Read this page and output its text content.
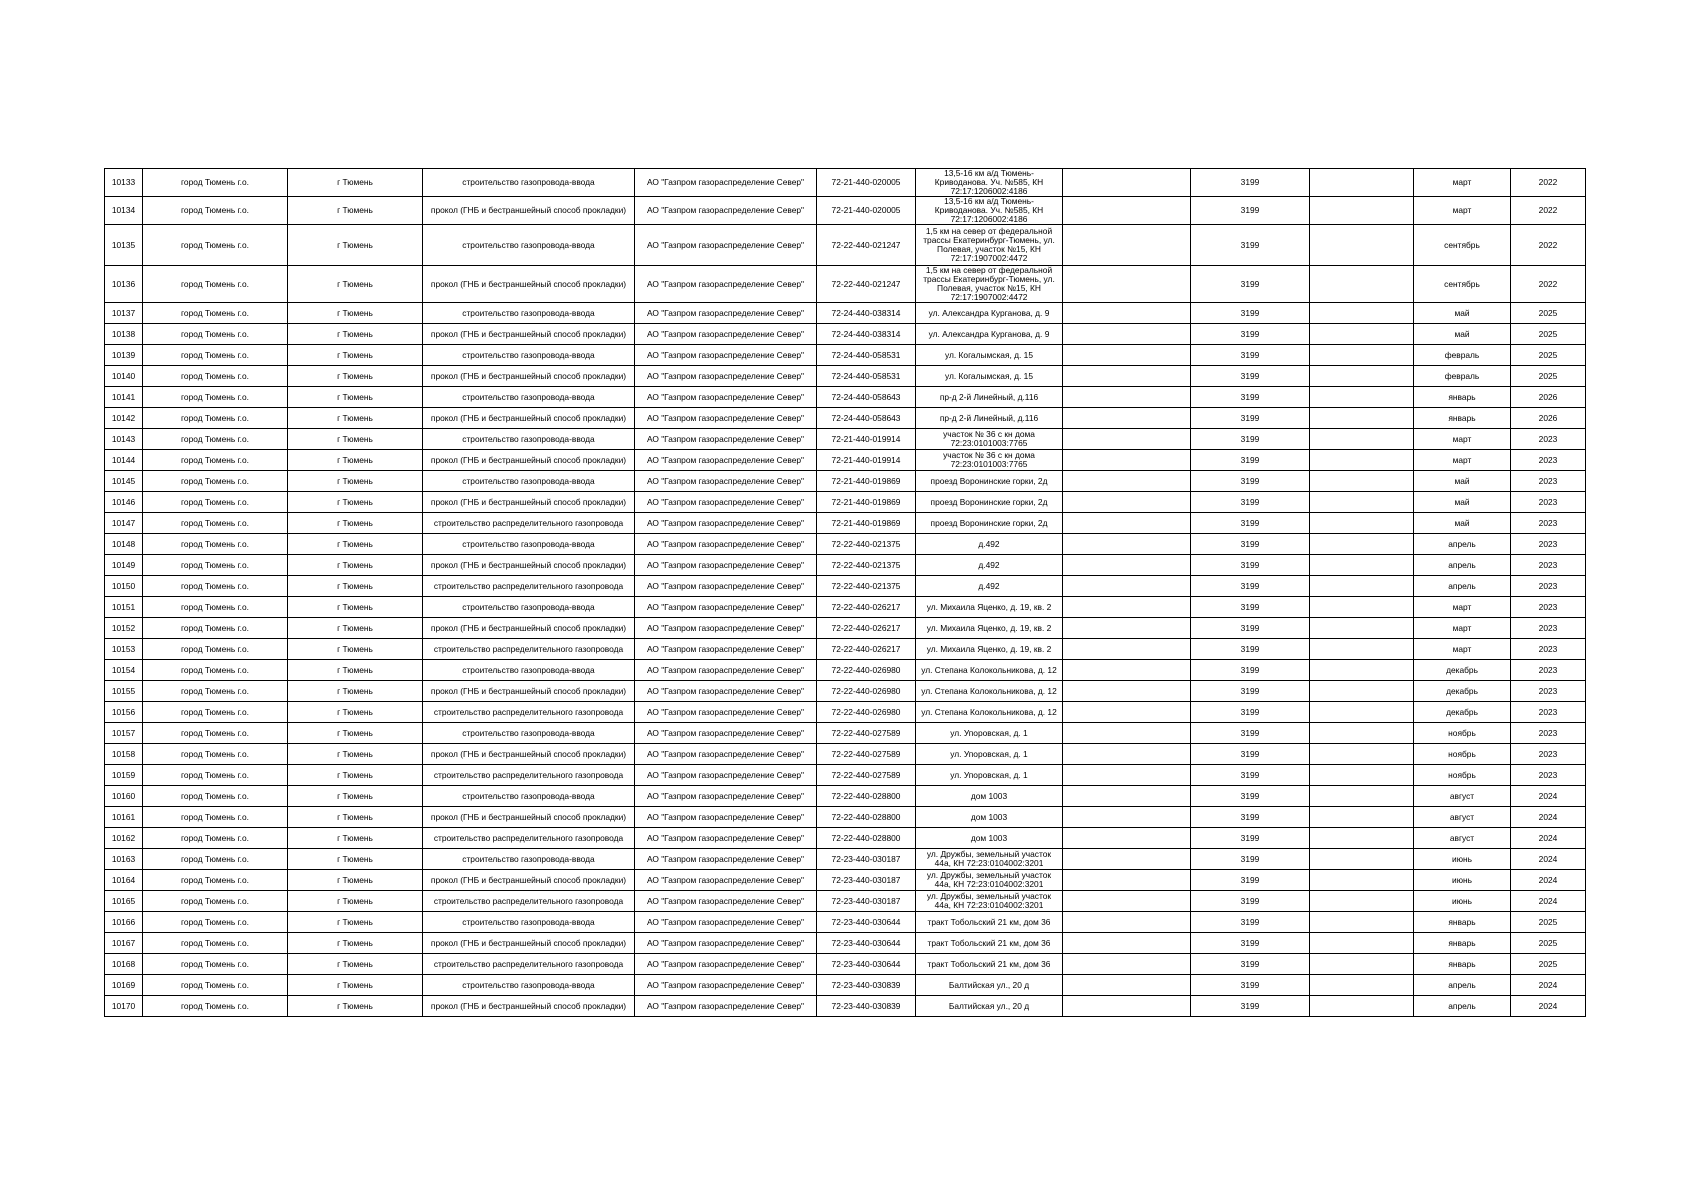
10133	город Тюмень г.о.	г Тюмень	строительство газопровода-ввода	АО "Газпром газораспределение Север"	72-21-440-020005	13,5-16 км а/д Тюмень-Криводанова. Уч. №585, КН 72:17:1206002:4186		3199		март	2022
10134	город Тюмень г.о.	г Тюмень	прокол (ГНБ и бестраншейный способ прокладки)	АО "Газпром газораспределение Север"	72-21-440-020005	13,5-16 км а/д Тюмень-Криводанова. Уч. №585, КН 72:17:1206002:4186		3199		март	2022
10135	город Тюмень г.о.	г Тюмень	строительство газопровода-ввода	АО "Газпром газораспределение Север"	72-22-440-021247	1,5 км на север от федеральной трассы Екатеринбург-Тюмень, ул. Полевая, участок №15, КН 72:17:1907002:4472		3199		сентябрь	2022
10136	город Тюмень г.о.	г Тюмень	прокол (ГНБ и бестраншейный способ прокладки)	АО "Газпром газораспределение Север"	72-22-440-021247	1,5 км на север от федеральной трассы Екатеринбург-Тюмень, ул. Полевая, участок №15, КН 72:17:1907002:4472		3199		сентябрь	2022
10137	город Тюмень г.о.	г Тюмень	строительство газопровода-ввода	АО "Газпром газораспределение Север"	72-24-440-038314	ул. Александра Курганова, д. 9		3199		май	2025
10138	город Тюмень г.о.	г Тюмень	прокол (ГНБ и бестраншейный способ прокладки)	АО "Газпром газораспределение Север"	72-24-440-038314	ул. Александра Курганова, д. 9		3199		май	2025
10139	город Тюмень г.о.	г Тюмень	строительство газопровода-ввода	АО "Газпром газораспределение Север"	72-24-440-058531	ул. Когалымская, д. 15		3199		февраль	2025
10140	город Тюмень г.о.	г Тюмень	прокол (ГНБ и бестраншейный способ прокладки)	АО "Газпром газораспределение Север"	72-24-440-058531	ул. Когалымская, д. 15		3199		февраль	2025
10141	город Тюмень г.о.	г Тюмень	строительство газопровода-ввода	АО "Газпром газораспределение Север"	72-24-440-058643	пр-д 2-й Линейный, д.116		3199		январь	2026
10142	город Тюмень г.о.	г Тюмень	прокол (ГНБ и бестраншейный способ прокладки)	АО "Газпром газораспределение Север"	72-24-440-058643	пр-д 2-й Линейный, д.116		3199		январь	2026
10143	город Тюмень г.о.	г Тюмень	строительство газопровода-ввода	АО "Газпром газораспределение Север"	72-21-440-019914	участок № 36 с кн дома 72:23:0101003:7765		3199		март	2023
10144	город Тюмень г.о.	г Тюмень	прокол (ГНБ и бестраншейный способ прокладки)	АО "Газпром газораспределение Север"	72-21-440-019914	участок № 36 с кн дома 72:23:0101003:7765		3199		март	2023
10145	город Тюмень г.о.	г Тюмень	строительство газопровода-ввода	АО "Газпром газораспределение Север"	72-21-440-019869	проезд Воронинские горки, 2д		3199		май	2023
10146	город Тюмень г.о.	г Тюмень	прокол (ГНБ и бестраншейный способ прокладки)	АО "Газпром газораспределение Север"	72-21-440-019869	проезд Воронинские горки, 2д		3199		май	2023
10147	город Тюмень г.о.	г Тюмень	строительство распределительного газопровода	АО "Газпром газораспределение Север"	72-21-440-019869	проезд Воронинские горки, 2д		3199		май	2023
10148	город Тюмень г.о.	г Тюмень	строительство газопровода-ввода	АО "Газпром газораспределение Север"	72-22-440-021375	д.492		3199		апрель	2023
10149	город Тюмень г.о.	г Тюмень	прокол (ГНБ и бестраншейный способ прокладки)	АО "Газпром газораспределение Север"	72-22-440-021375	д.492		3199		апрель	2023
10150	город Тюмень г.о.	г Тюмень	строительство распределительного газопровода	АО "Газпром газораспределение Север"	72-22-440-021375	д.492		3199		апрель	2023
10151	город Тюмень г.о.	г Тюмень	строительство газопровода-ввода	АО "Газпром газораспределение Север"	72-22-440-026217	ул. Михаила Яценко, д. 19, кв. 2		3199		март	2023
10152	город Тюмень г.о.	г Тюмень	прокол (ГНБ и бестраншейный способ прокладки)	АО "Газпром газораспределение Север"	72-22-440-026217	ул. Михаила Яценко, д. 19, кв. 2		3199		март	2023
10153	город Тюмень г.о.	г Тюмень	строительство распределительного газопровода	АО "Газпром газораспределение Север"	72-22-440-026217	ул. Михаила Яценко, д. 19, кв. 2		3199		март	2023
10154	город Тюмень г.о.	г Тюмень	строительство газопровода-ввода	АО "Газпром газораспределение Север"	72-22-440-026980	ул. Степана Колокольникова, д. 12		3199		декабрь	2023
10155	город Тюмень г.о.	г Тюмень	прокол (ГНБ и бестраншейный способ прокладки)	АО "Газпром газораспределение Север"	72-22-440-026980	ул. Степана Колокольникова, д. 12		3199		декабрь	2023
10156	город Тюмень г.о.	г Тюмень	строительство распределительного газопровода	АО "Газпром газораспределение Север"	72-22-440-026980	ул. Степана Колокольникова, д. 12		3199		декабрь	2023
10157	город Тюмень г.о.	г Тюмень	строительство газопровода-ввода	АО "Газпром газораспределение Север"	72-22-440-027589	ул. Упоровская, д. 1		3199		ноябрь	2023
10158	город Тюмень г.о.	г Тюмень	прокол (ГНБ и бестраншейный способ прокладки)	АО "Газпром газораспределение Север"	72-22-440-027589	ул. Упоровская, д. 1		3199		ноябрь	2023
10159	город Тюмень г.о.	г Тюмень	строительство распределительного газопровода	АО "Газпром газораспределение Север"	72-22-440-027589	ул. Упоровская, д. 1		3199		ноябрь	2023
10160	город Тюмень г.о.	г Тюмень	строительство газопровода-ввода	АО "Газпром газораспределение Север"	72-22-440-028800	дом 1003		3199		август	2024
10161	город Тюмень г.о.	г Тюмень	прокол (ГНБ и бестраншейный способ прокладки)	АО "Газпром газораспределение Север"	72-22-440-028800	дом 1003		3199		август	2024
10162	город Тюмень г.о.	г Тюмень	строительство распределительного газопровода	АО "Газпром газораспределение Север"	72-22-440-028800	дом 1003		3199		август	2024
10163	город Тюмень г.о.	г Тюмень	строительство газопровода-ввода	АО "Газпром газораспределение Север"	72-23-440-030187	ул. Дружбы, земельный участок 44а, КН 72:23:0104002:3201		3199		июнь	2024
10164	город Тюмень г.о.	г Тюмень	прокол (ГНБ и бестраншейный способ прокладки)	АО "Газпром газораспределение Север"	72-23-440-030187	ул. Дружбы, земельный участок 44а, КН 72:23:0104002:3201		3199		июнь	2024
10165	город Тюмень г.о.	г Тюмень	строительство распределительного газопровода	АО "Газпром газораспределение Север"	72-23-440-030187	ул. Дружбы, земельный участок 44а, КН 72:23:0104002:3201		3199		июнь	2024
10166	город Тюмень г.о.	г Тюмень	строительство газопровода-ввода	АО "Газпром газораспределение Север"	72-23-440-030644	тракт Тобольский 21 км, дом 36		3199		январь	2025
10167	город Тюмень г.о.	г Тюмень	прокол (ГНБ и бестраншейный способ прокладки)	АО "Газпром газораспределение Север"	72-23-440-030644	тракт Тобольский 21 км, дом 36		3199		январь	2025
10168	город Тюмень г.о.	г Тюмень	строительство распределительного газопровода	АО "Газпром газораспределение Север"	72-23-440-030644	тракт Тобольский 21 км, дом 36		3199		январь	2025
10169	город Тюмень г.о.	г Тюмень	строительство газопровода-ввода	АО "Газпром газораспределение Север"	72-23-440-030839	Балтийская ул., 20 д		3199		апрель	2024
10170	город Тюмень г.о.	г Тюмень	прокол (ГНБ и бестраншейный способ прокладки)	АО "Газпром газораспределение Север"	72-23-440-030839	Балтийская ул., 20 д		3199		апрель	2024
